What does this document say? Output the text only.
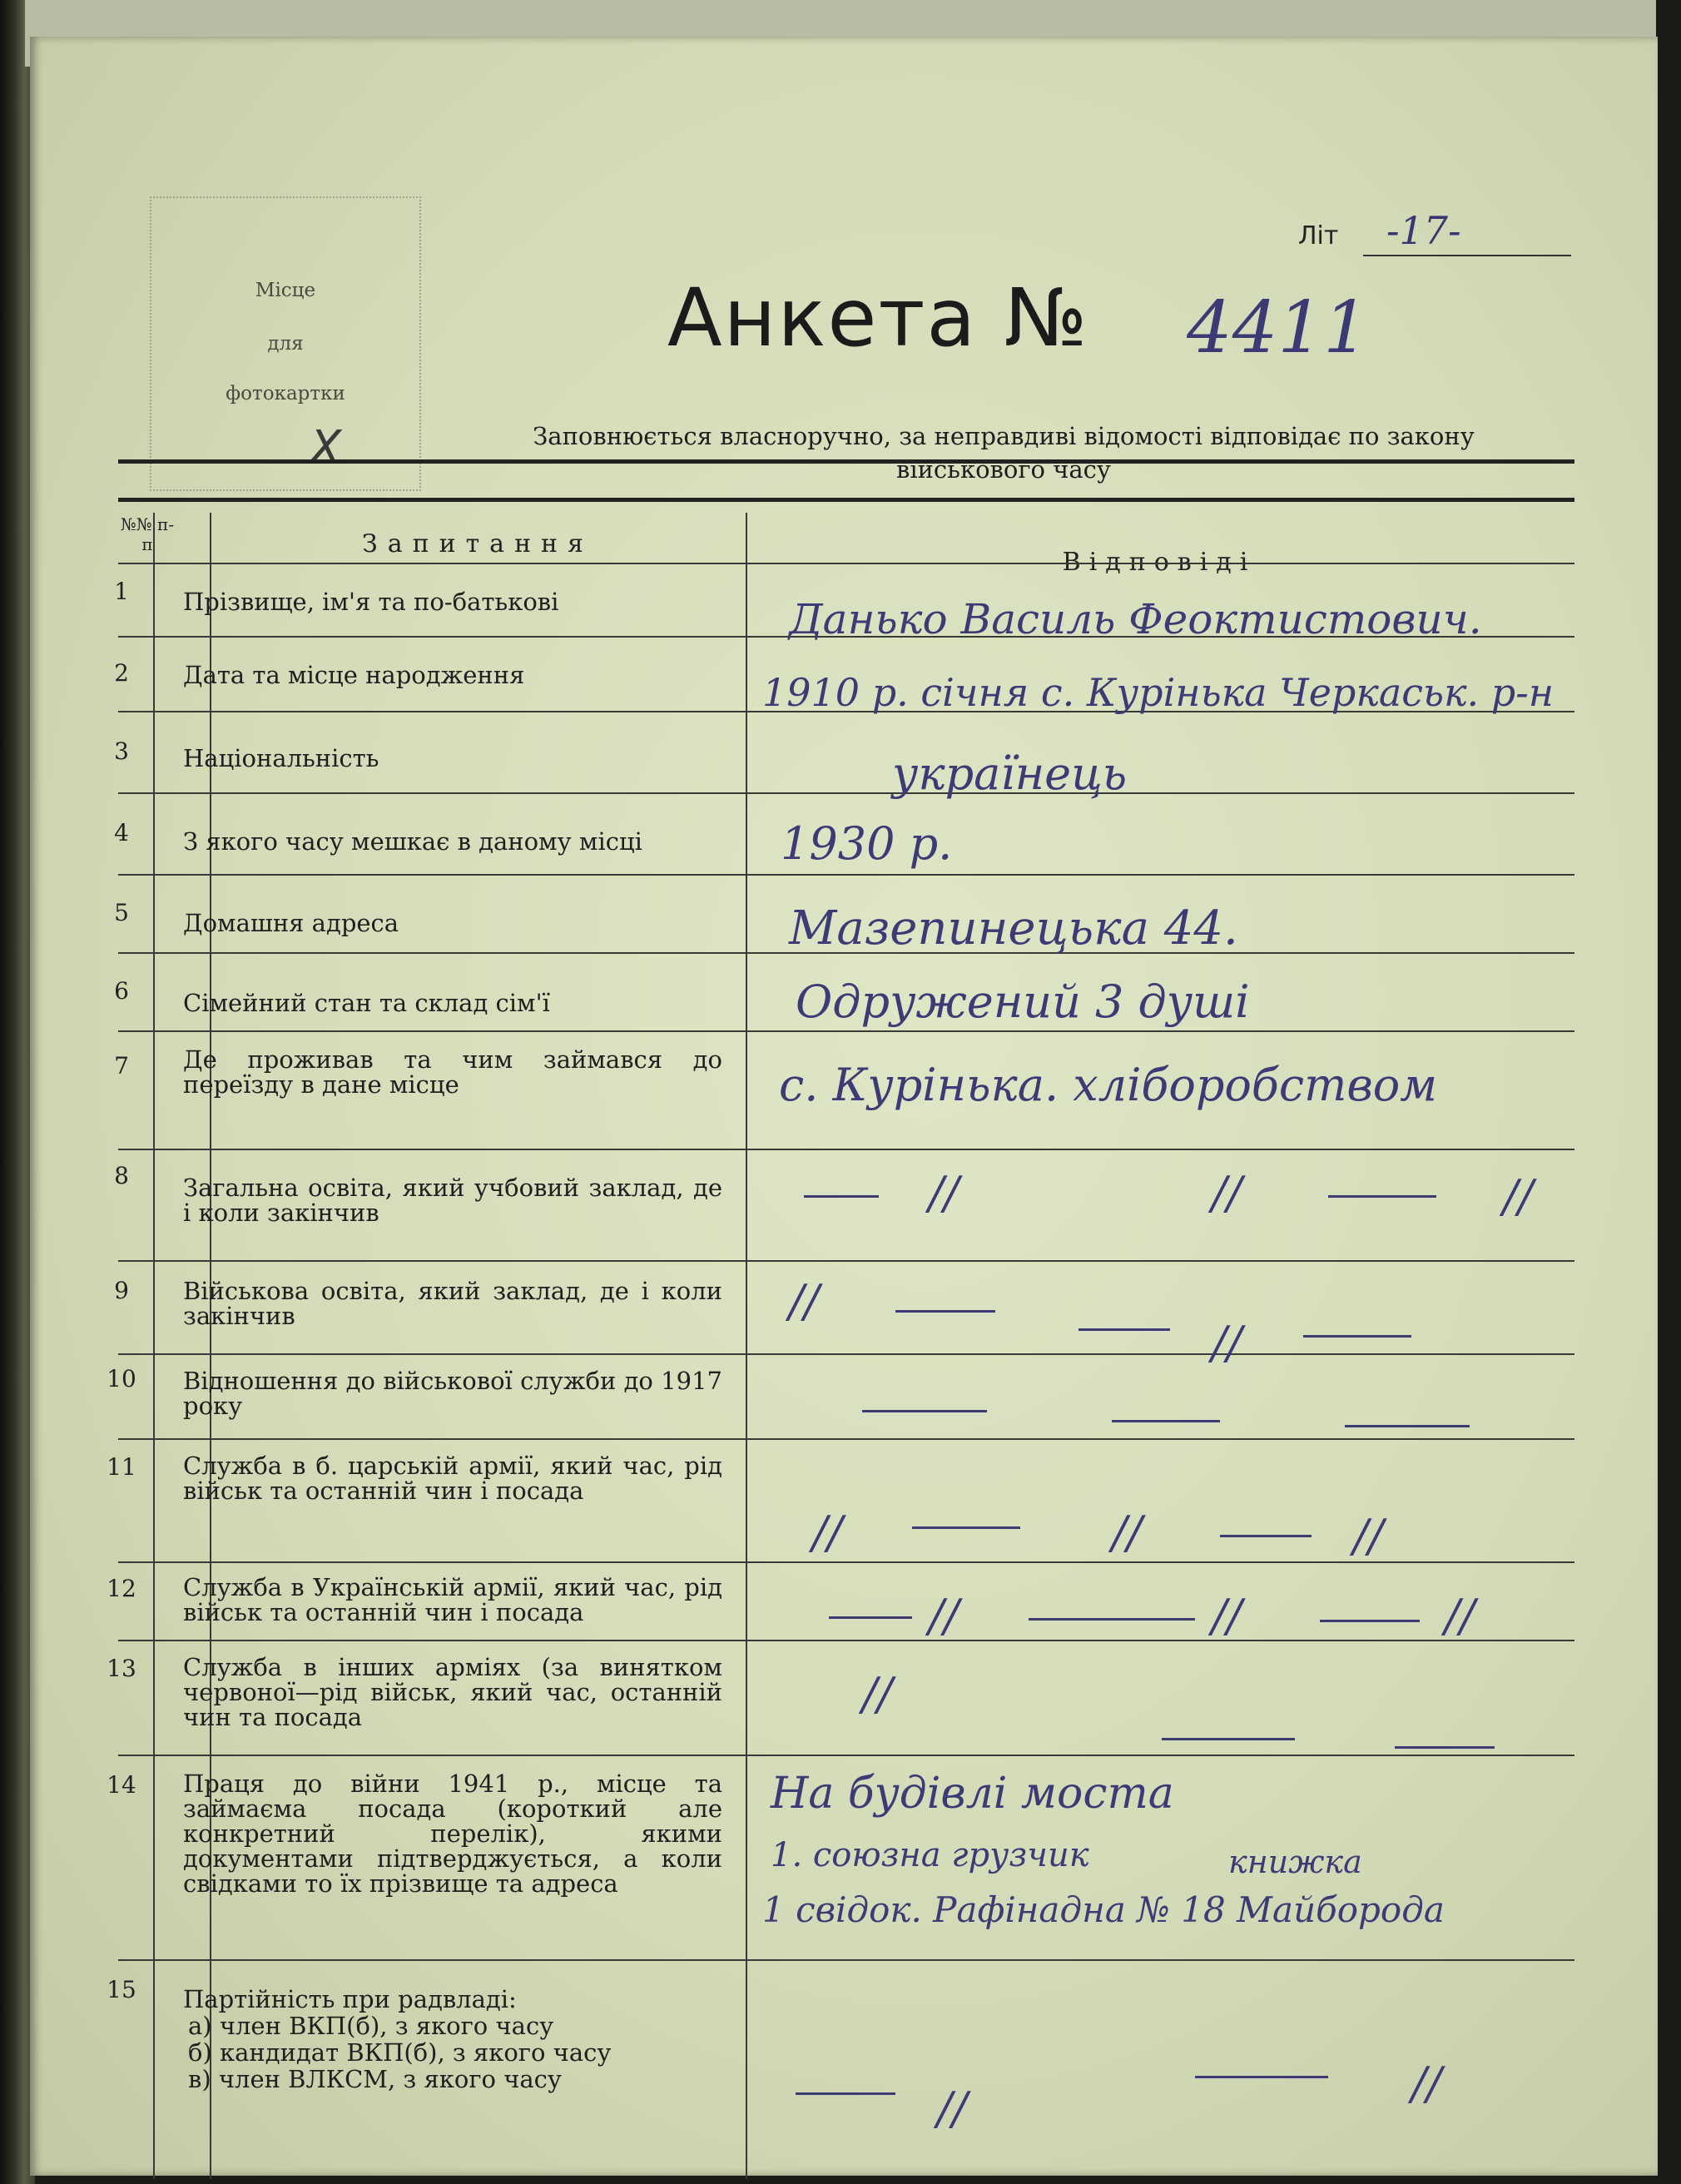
Місце
для
фотокартки
X
Літ -17-
Анкета № 4411
Заповнюється власноручно, за неправдиві відомості відповідає по закону
військового часу
№№ п-п	Запитання
Відповіді
1	Прізвище, ім'я та по-батькові	Данько Василь Феоктистович.
2	Дата та місце народження	1910 р. січня с. Курінька Черкаськ. р-н
3	Національність	українець
4	З якого часу мешкає в даному місці	1930 р.
5	Домашня адреса	Мазепинецька 44.
6	Сімейний стан та склад сім'ї	Одружений 3 душі
7	Де проживав та чим займався до переїзду в дане місце	с. Курінька. хліборобством
8	Загальна освіта, який учбовий заклад, де і коли закінчив	//	//	//
9	Військова освіта, який заклад, де і коли закінчив	//
//
10	Відношення до військової служби до 1917 року
11	Служба в б. царській армії, який час, рід військ та останній чин і посада
//	//	//
12	Служба в Українській армії, який час, рід військ та останній чин і посада	//	//	//
13	Служба в інших арміях (за винятком червоної—рід військ, який час, останній чин та посада	//
14	Праця до війни 1941 р., місце та займаєма посада (короткий але конкретний перелік), якими документами підтверджується, а коли свідками то їх прізвище та адреса
На будівлі моста
1. союзна грузчик	книжка
1 свідок. Рафінадна № 18 Майборода
15	Партійність при радвладі:
а) член ВКП(б), з якого часу
б) кандидат ВКП(б), з якого часу
в) член ВЛКСМ, з якого часу
//	//
